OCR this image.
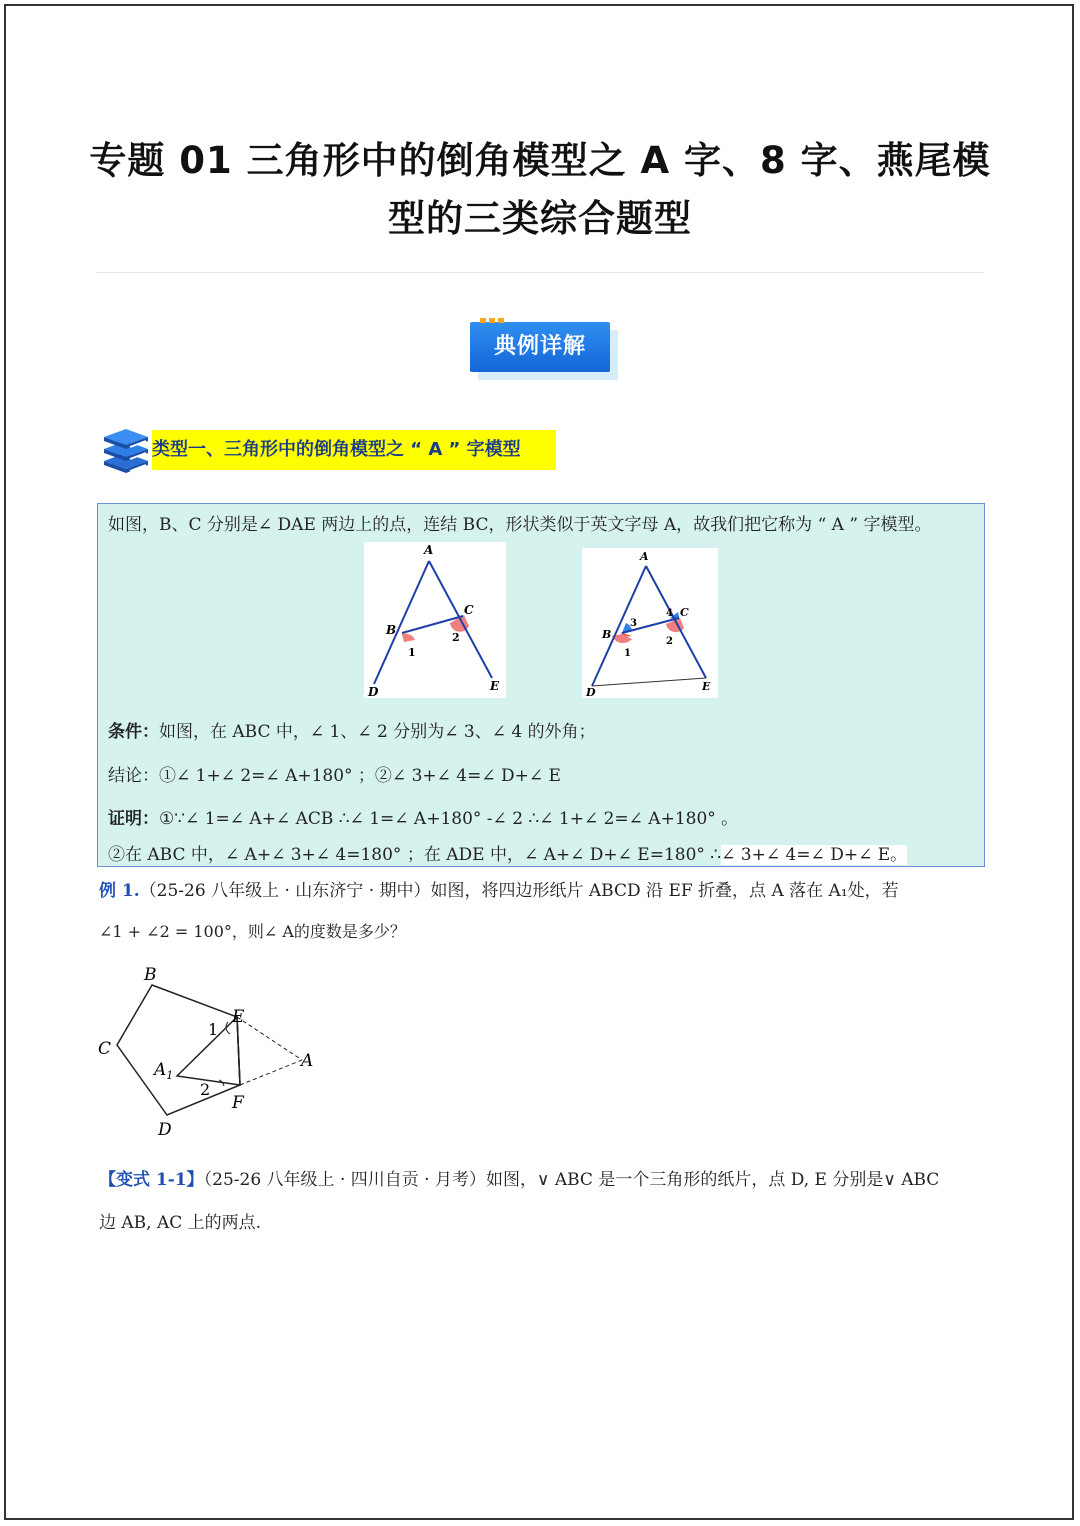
专题 01 三角形中的倒角模型之 A 字、8 字、燕尾模
型的三类综合题型
典例详解
类型一、三角形中的倒角模型之 “ A ” 字模型
如图，B、C 分别是∠ DAE 两边上的点，连结 BC，形状类似于英文字母 A，故我们把它称为 “ A ” 字模型。
A
B
C
D	E
1
2
A
B
C
D	E
1
2
3
4
条件：如图，在 ABC 中，∠ 1、∠ 2 分别为∠ 3、∠ 4 的外角；
结论：①∠ 1+∠ 2=∠ A+180° ；②∠ 3+∠ 4=∠ D+∠ E
证明：①∵∠ 1=∠ A+∠ ACB ∴∠ 1=∠ A+180° -∠ 2 ∴∠ 1+∠ 2=∠ A+180° 。
②在 ABC 中，∠ A+∠ 3+∠ 4=180° ；在 ADE 中，∠ A+∠ D+∠ E=180° ∴∠ 3+∠ 4=∠ D+∠ E。
例 1.（25-26 八年级上 · 山东济宁 · 期中）如图，将四边形纸片 ABCD 沿 EF 折叠，点 A 落在 A₁处，若
∠1 + ∠2 = 100°，则∠ A的度数是多少？
B
C
D
E
F
A
$A_1$
1
2
【变式 1-1】（25-26 八年级上 · 四川自贡 · 月考）如图，∨ ABC 是一个三角形的纸片，点 D, E 分别是∨ ABC
边 AB, AC 上的两点.
